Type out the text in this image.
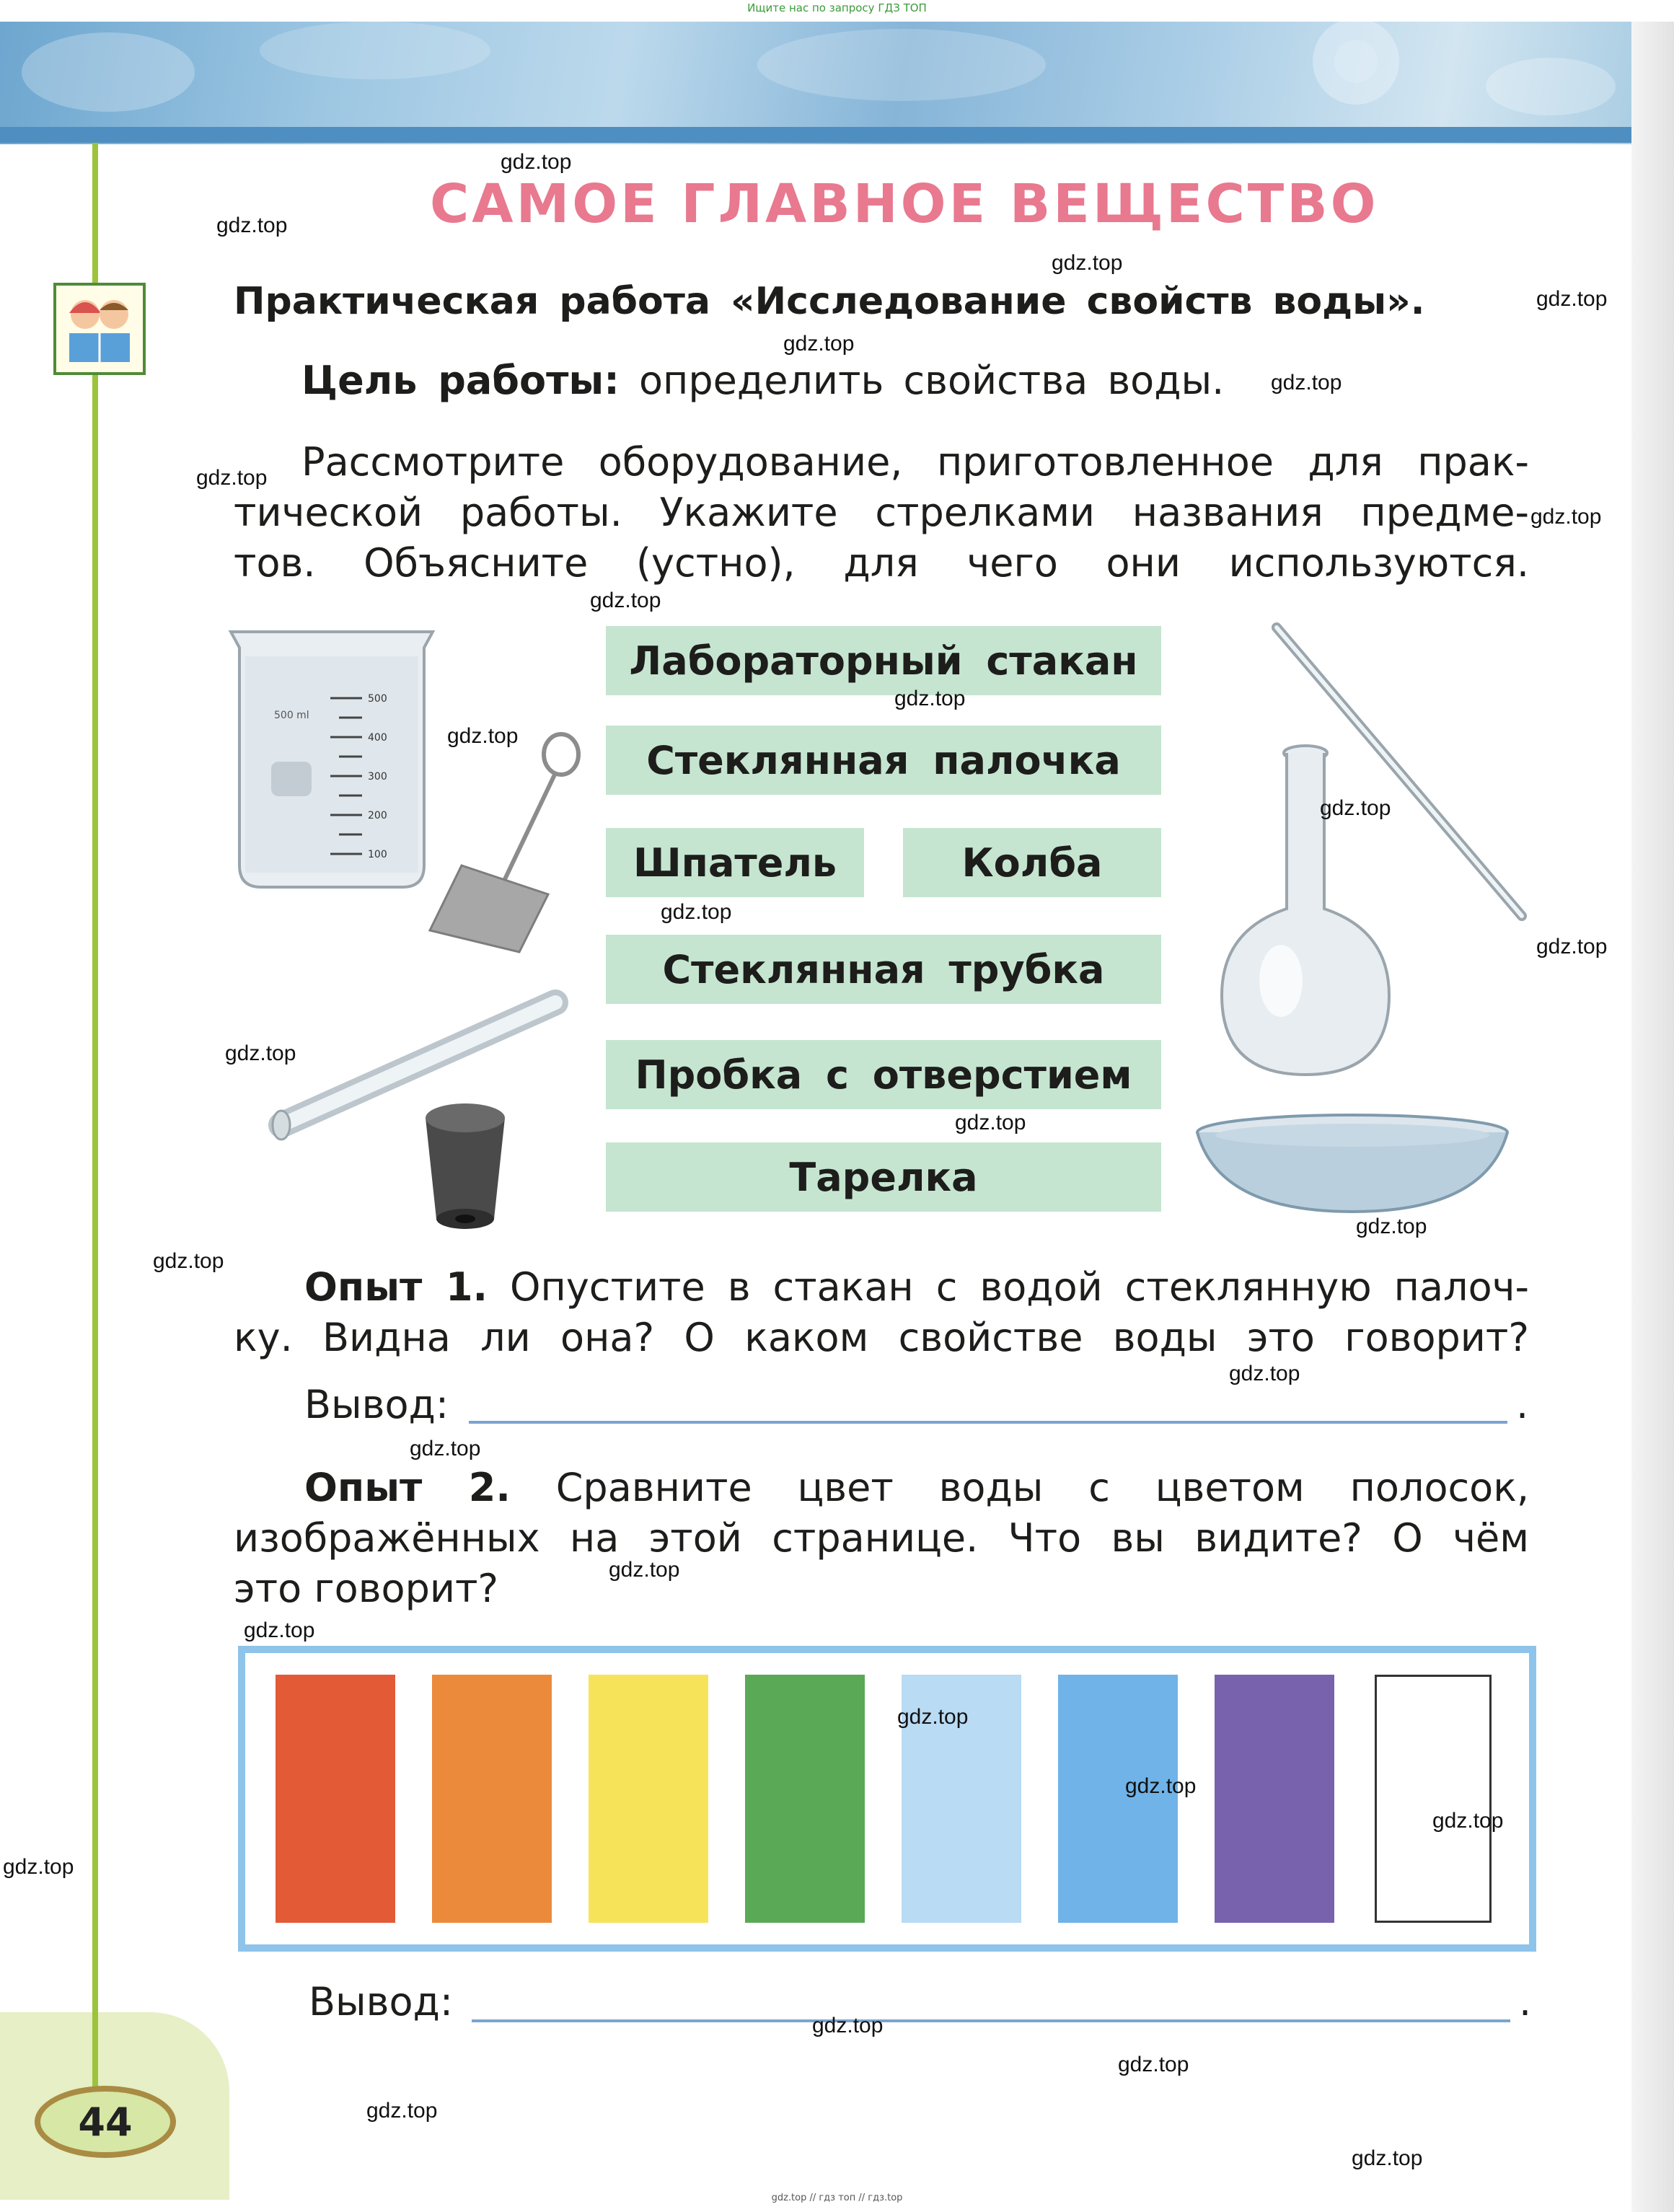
Ищите нас по запросу ГДЗ ТОП
44
САМОЕ ГЛАВНОЕ ВЕЩЕСТВО
Практическая работа «Исследование свойств воды».
Цель работы: определить свойства воды.
Рассмотрите оборудование, приготовленное для прак-
тической работы. Укажите стрелками названия предме-
тов. Объясните (устно), для чего они используются.
500 ml
500
400
300
200
100
Лабораторный стакан
Стеклянная палочка
Шпатель	Колба
Стеклянная трубка
Пробка с отверстием
Тарелка
Опыт 1. Опустите в стакан с водой стеклянную палоч-
ку. Видна ли она? О каком свойстве воды это говорит?
Вывод:	.
Опыт 2. Сравните цвет воды с цветом полосок,
изображённых на этой странице. Что вы видите? О чём
это говорит?
Вывод:	.
gdz.top
gdz.top
gdz.top
gdz.top
gdz.top
gdz.top
gdz.top
gdz.top
gdz.top
gdz.top
gdz.top
gdz.top
gdz.top
gdz.top
gdz.top
gdz.top
gdz.top
gdz.top
gdz.top
gdz.top
gdz.top
gdz.top
gdz.top
gdz.top
gdz.top
gdz.top
gdz.top
gdz.top
gdz.top
gdz.top
gdz.top // гдз топ // гдз.top
